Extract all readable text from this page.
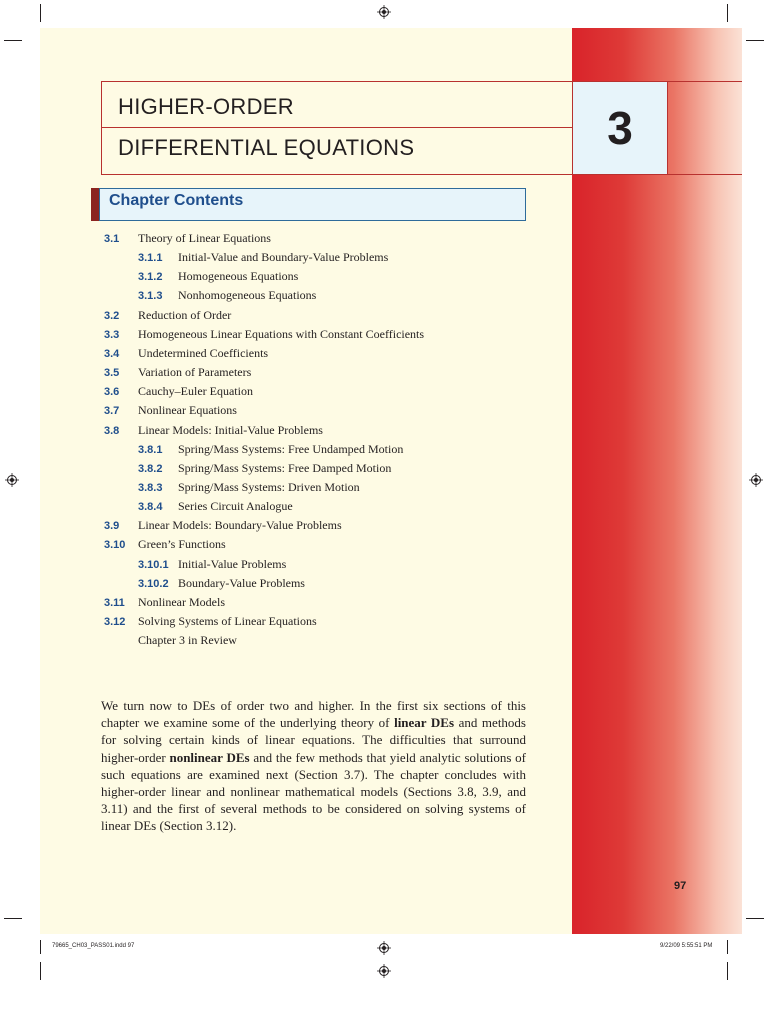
HIGHER-ORDER
DIFFERENTIAL EQUATIONS	3
Chapter Contents
3.1 Theory of Linear Equations
3.1.1 Initial-Value and Boundary-Value Problems
3.1.2 Homogeneous Equations
3.1.3 Nonhomogeneous Equations
3.2 Reduction of Order
3.3 Homogeneous Linear Equations with Constant Coefficients
3.4 Undetermined Coefficients
3.5 Variation of Parameters
3.6 Cauchy–Euler Equation
3.7 Nonlinear Equations
3.8 Linear Models: Initial-Value Problems
3.8.1 Spring/Mass Systems: Free Undamped Motion
3.8.2 Spring/Mass Systems: Free Damped Motion
3.8.3 Spring/Mass Systems: Driven Motion
3.8.4 Series Circuit Analogue
3.9 Linear Models: Boundary-Value Problems
3.10 Green’s Functions
3.10.1 Initial-Value Problems
3.10.2 Boundary-Value Problems
3.11 Nonlinear Models
3.12 Solving Systems of Linear Equations
Chapter 3 in Review
We turn now to DEs of order two and higher. In the first six sections of this chapter we examine some of the underlying theory of linear DEs and methods for solving certain kinds of linear equations. The difficulties that surround higher-order nonlinear DEs and the few methods that yield analytic solutions of such equations are examined next (Section 3.7). The chapter concludes with higher-order linear and nonlinear mathematical models (Sections 3.8, 3.9, and 3.11) and the first of several methods to be considered on solving systems of linear DEs (Section 3.12).
97
79665_CH03_PASS01.indd 97	9/22/09 5:55:51 PM
